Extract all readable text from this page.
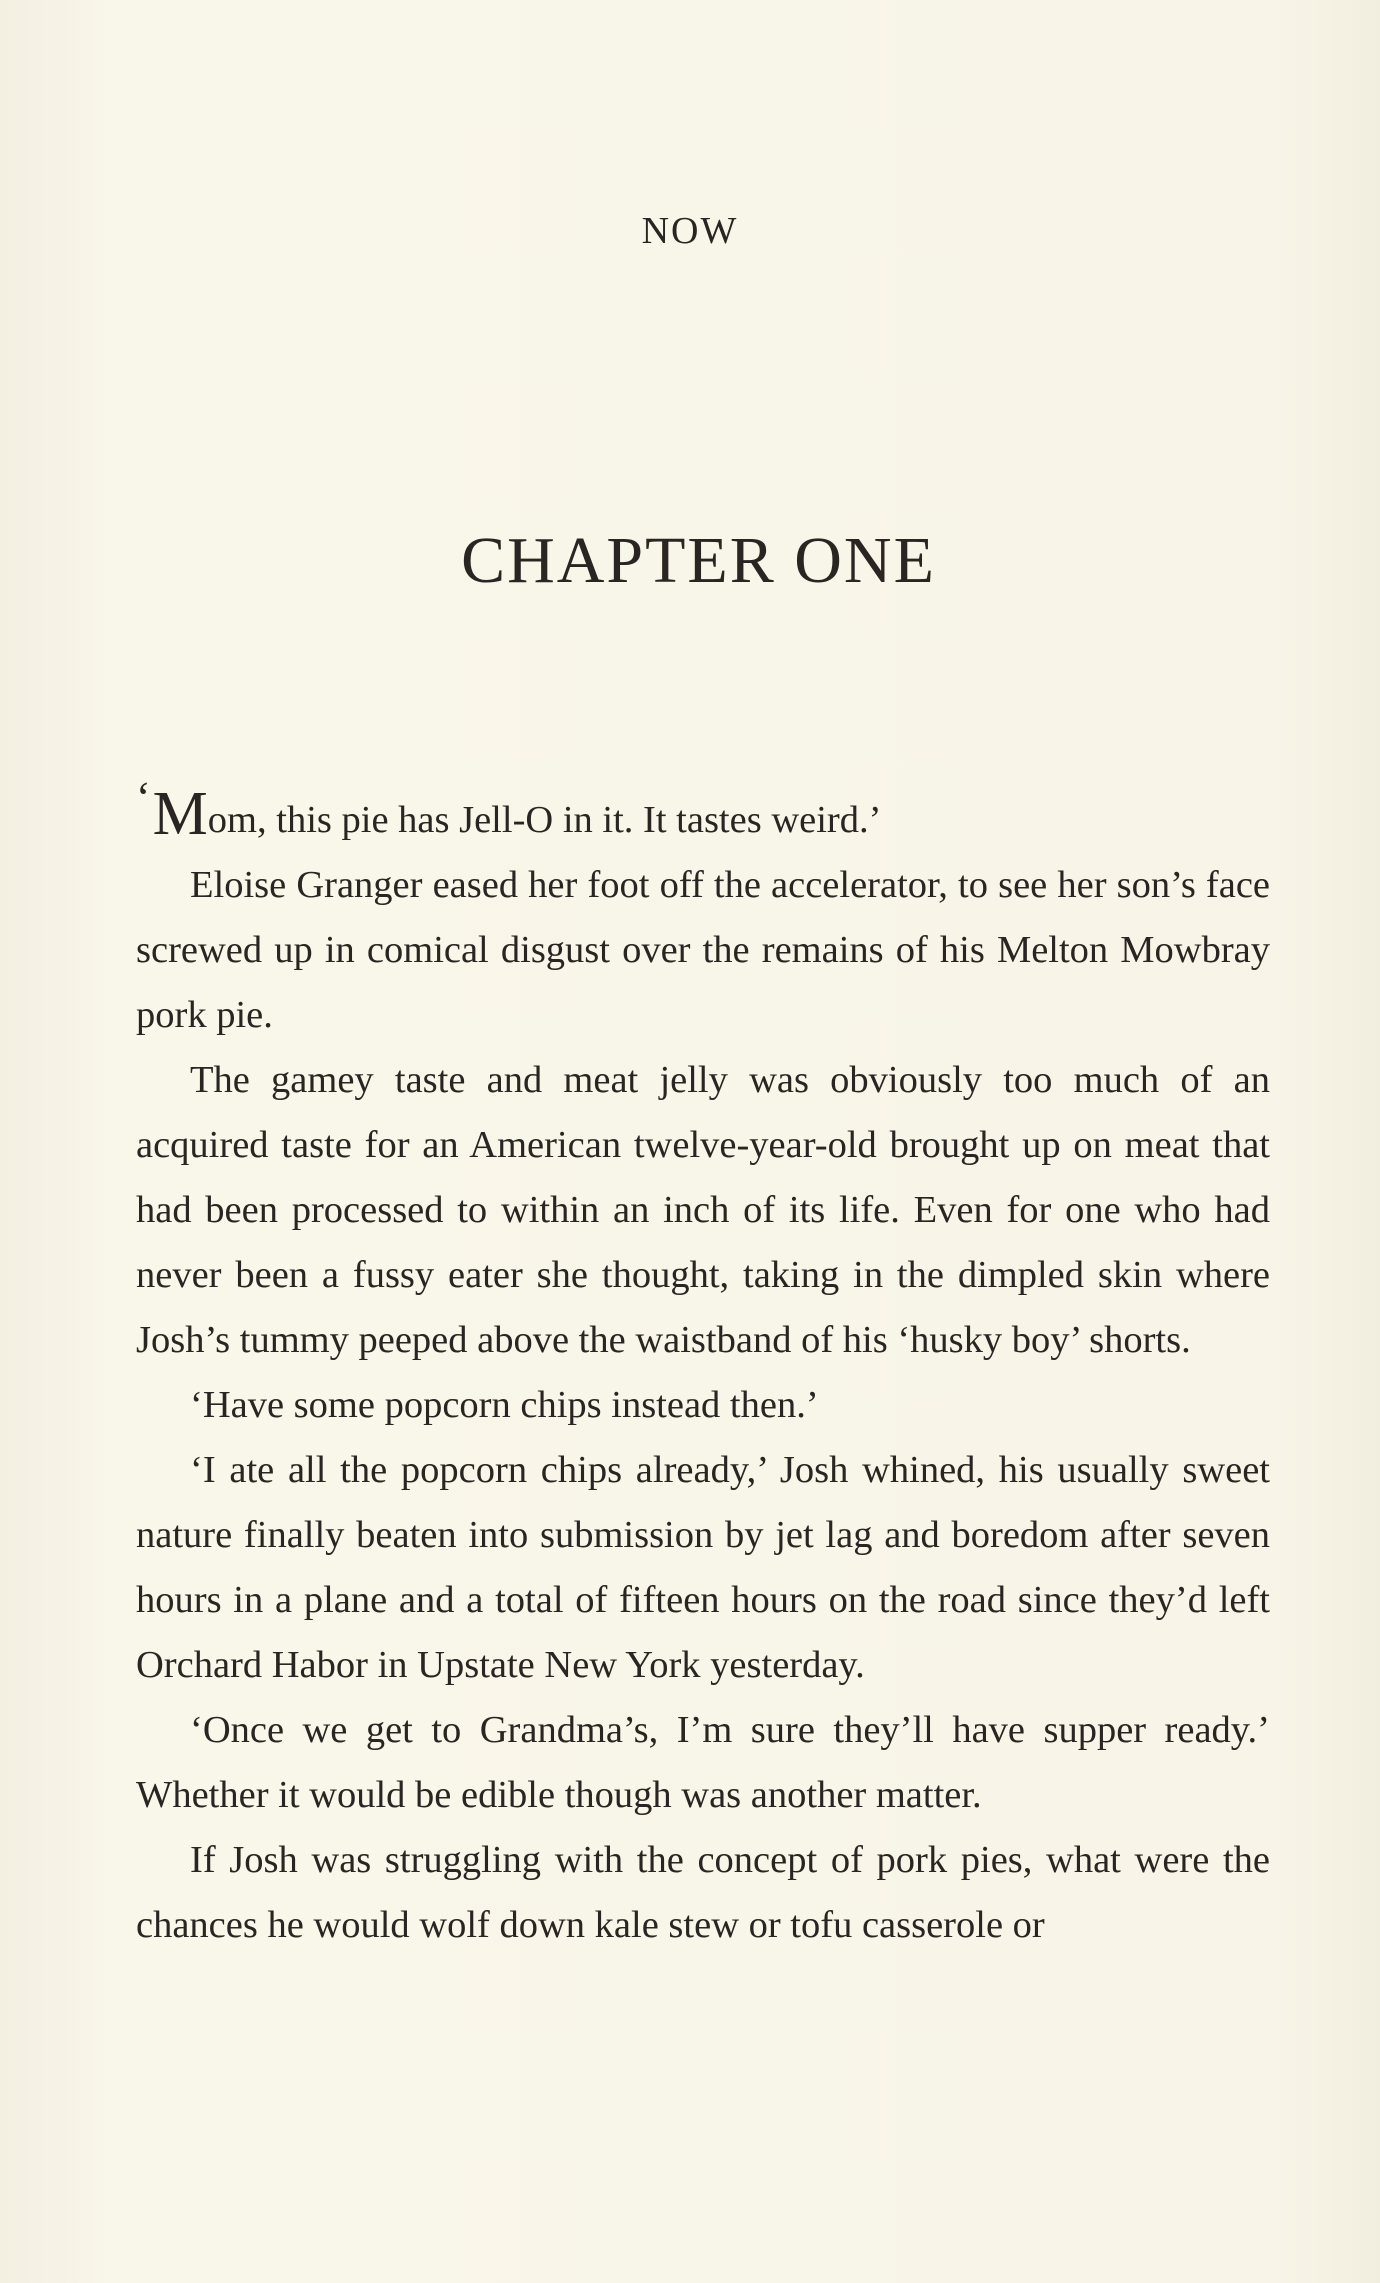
NOW
CHAPTER ONE

‘Mom, this pie has Jell-O in it. It tastes weird.’

Eloise Granger eased her foot off the accelerator, to see her son’s face screwed up in comical disgust over the remains of his Melton Mowbray pork pie.

The gamey taste and meat jelly was obviously too much of an acquired taste for an American twelve-year-old brought up on meat that had been processed to within an inch of its life. Even for one who had never been a fussy eater she thought, taking in the dimpled skin where Josh’s tummy peeped above the waistband of his ‘husky boy’ shorts.

‘Have some popcorn chips instead then.’

‘I ate all the popcorn chips already,’ Josh whined, his usually sweet nature finally beaten into submission by jet lag and boredom after seven hours in a plane and a total of fifteen hours on the road since they’d left Orchard Habor in Upstate New York yesterday.

‘Once we get to Grandma’s, I’m sure they’ll have supper ready.’ Whether it would be edible though was another matter.

If Josh was struggling with the concept of pork pies, what were the chances he would wolf down kale stew or tofu casserole or
